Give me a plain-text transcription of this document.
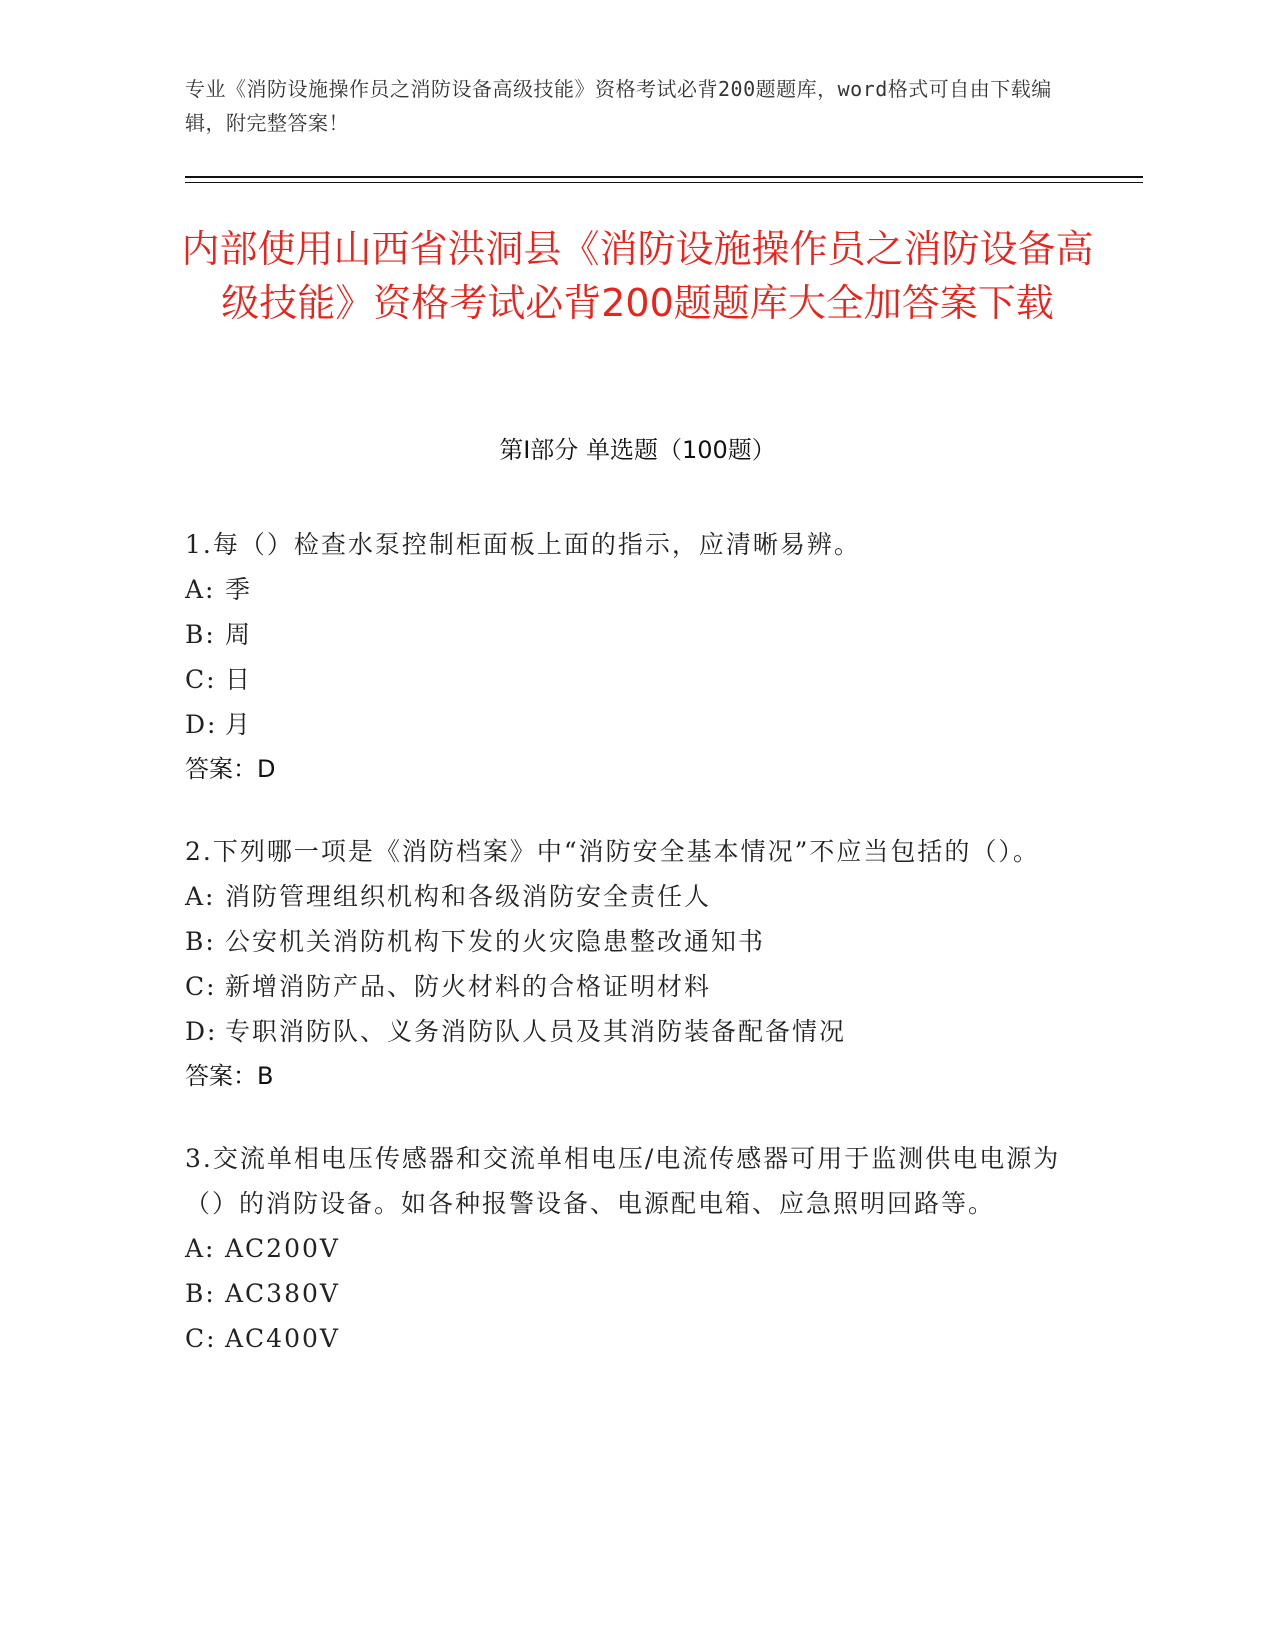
专业《消防设施操作员之消防设备高级技能》资格考试必背200题题库，word格式可自由下载编辑，附完整答案！
内部使用山西省洪洞县《消防设施操作员之消防设备高级技能》资格考试必背200题题库大全加答案下载
第I部分 单选题（100题）
1.每（）检查水泵控制柜面板上面的指示，应清晰易辨。
A: 季
B: 周
C: 日
D: 月
答案：D
2.下列哪一项是《消防档案》中“消防安全基本情况”不应当包括的（）。
A: 消防管理组织机构和各级消防安全责任人
B: 公安机关消防机构下发的火灾隐患整改通知书
C: 新增消防产品、防火材料的合格证明材料
D: 专职消防队、义务消防队人员及其消防装备配备情况
答案：B
3.交流单相电压传感器和交流单相电压/电流传感器可用于监测供电电源为（）的消防设备。如各种报警设备、电源配电箱、应急照明回路等。
A: AC200V
B: AC380V
C: AC400V
